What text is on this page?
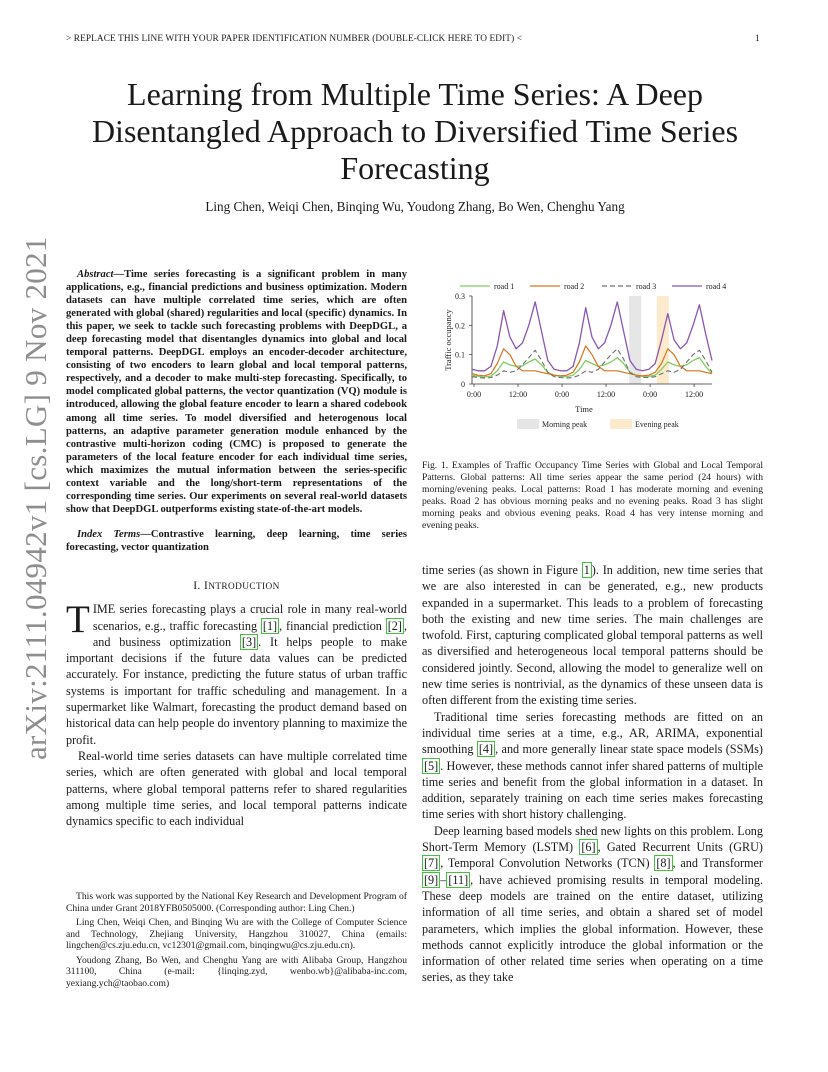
> REPLACE THIS LINE WITH YOUR PAPER IDENTIFICATION NUMBER (DOUBLE-CLICK HERE TO EDIT) <	1
arXiv:2111.04942v1 [cs.LG] 9 Nov 2021
Learning from Multiple Time Series: A Deep Disentangled Approach to Diversified Time Series Forecasting
Ling Chen, Weiqi Chen, Binqing Wu, Youdong Zhang, Bo Wen, Chenghu Yang

Abstract—Time series forecasting is a significant problem in many applications, e.g., financial predictions and business optimization. Modern datasets can have multiple correlated time series, which are often generated with global (shared) regularities and local (specific) dynamics. In this paper, we seek to tackle such forecasting problems with DeepDGL, a deep forecasting model that disentangles dynamics into global and local temporal patterns. DeepDGL employs an encoder-decoder architecture, consisting of two encoders to learn global and local temporal patterns, respectively, and a decoder to make multi-step forecasting. Specifically, to model complicated global patterns, the vector quantization (VQ) module is introduced, allowing the global feature encoder to learn a shared codebook among all time series. To model diversified and heterogenous local patterns, an adaptive parameter generation module enhanced by the contrastive multi-horizon coding (CMC) is proposed to generate the parameters of the local feature encoder for each individual time series, which maximizes the mutual information between the series-specific context variable and the long/short-term representations of the corresponding time series. Our experiments on several real-world datasets show that DeepDGL outperforms existing state-of-the-art models.

Index Terms—Contrastive learning, deep learning, time series forecasting, vector quantization

I. INTRODUCTION

TIME series forecasting plays a crucial role in many real-world scenarios, e.g., traffic forecasting [1] , financial prediction [2] , and business optimization [3] . It helps people to make important decisions if the future data values can be predicted accurately. For instance, predicting the future status of urban traffic systems is important for traffic scheduling and management. In a supermarket like Walmart, forecasting the product demand based on historical data can help people do inventory planning to maximize the profit.

Real-world time series datasets can have multiple correlated time series, which are often generated with global and local temporal patterns, where global temporal patterns refer to shared regularities among multiple time series, and local temporal patterns indicate dynamics specific to each individual

This work was supported by the National Key Research and Development Program of China under Grant 2018YFB0505000. (Corresponding author: Ling Chen.)

Ling Chen, Weiqi Chen, and Binqing Wu are with the College of Computer Science and Technology, Zhejiang University, Hangzhou 310027, China (emails: lingchen@cs.zju.edu.cn, vc12301@gmail.com, binqingwu@cs.zju.edu.cn).

Youdong Zhang, Bo Wen, and Chenghu Yang are with Alibaba Group, Hangzhou 311100, China (e-mail: {linqing.zyd, wenbo.wb}@alibaba-inc.com, yexiang.ych@taobao.com)

0
0.1
0.2
0.3
0:00	12:00	0:00	12:00	0:00	12:00
Time
Traffic occupancy
road 1	road 2	road 3	road 4
Morning peak	Evening peak
Fig. 1. Examples of Traffic Occupancy Time Series with Global and Local Temporal Patterns. Global patterns: All time series appear the same period (24 hours) with morning/evening peaks. Local patterns: Road 1 has moderate morning and evening peaks. Road 2 has obvious morning peaks and no evening peaks. Road 3 has slight morning peaks and obvious evening peaks. Road 4 has very intense morning and evening peaks.

time series (as shown in Figure 1 ). In addition, new time series that we are also interested in can be generated, e.g., new products expanded in a supermarket. This leads to a problem of forecasting both the existing and new time series. The main challenges are twofold. First, capturing complicated global temporal patterns as well as diversified and heterogeneous local temporal patterns should be considered jointly. Second, allowing the model to generalize well on new time series is nontrivial, as the dynamics of these unseen data is often different from the existing time series.

Traditional time series forecasting methods are fitted on an individual time series at a time, e.g., AR, ARIMA, exponential smoothing [4] , and more generally linear state space models (SSMs) [5] . However, these methods cannot infer shared patterns of multiple time series and benefit from the global information in a dataset. In addition, separately training on each time series makes forecasting time series with short history challenging.

Deep learning based models shed new lights on this problem. Long Short-Term Memory (LSTM) [6] , Gated Recurrent Units (GRU) [7] , Temporal Convolution Networks (TCN) [8] , and Transformer [9] – [11] , have achieved promising results in temporal modeling. These deep models are trained on the entire dataset, utilizing information of all time series, and obtain a shared set of model parameters, which implies the global information. However, these methods cannot explicitly introduce the global information or the information of other related time series when operating on a time series, as they take
